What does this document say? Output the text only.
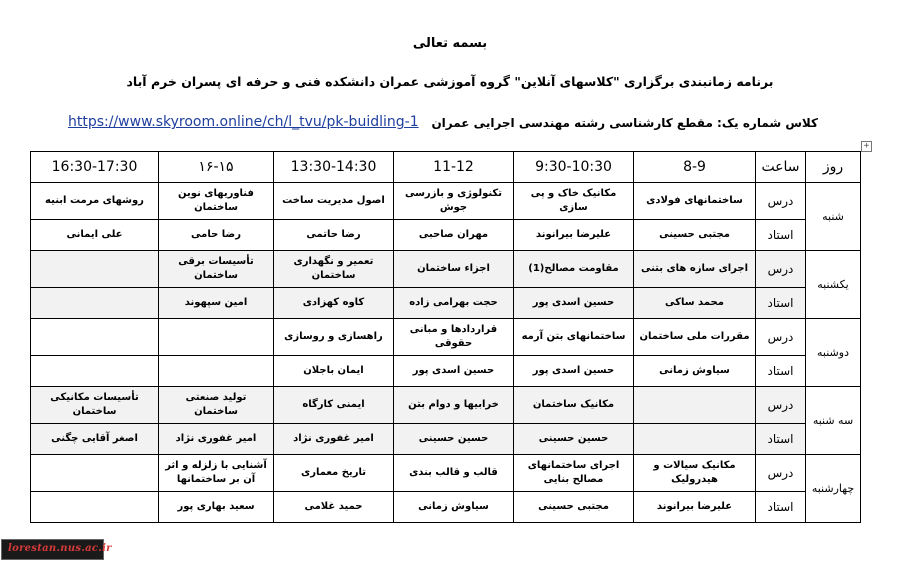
بسمه تعالی
برنامه زمانبندی برگزاری "کلاسهای آنلاین" گروه آموزشی عمران دانشکده فنی و حرفه ای پسران خرم آباد
کلاس شماره یک: مقطع کارشناسی رشته مهندسی اجرایی عمران
https://www.skyroom.online/ch/l_tvu/pk-buidling-1
+
روز	ساعت	8-9	9:30-10:30	11-12	13:30-14:30	۱۶-۱۵	16:30-17:30
شنبه	درس	ساختمانهای فولادی	مکانیک خاک و پی سازی	تکنولوژی و بازرسی جوش	اصول مدیریت ساخت	فناوریهای نوین ساختمان	روشهای مرمت ابنیه
	استاد	مجتبی حسینی	علیرضا بیرانوند	مهران صاحبی	رضا حاتمی	رضا حامی	علی ایمانی
یکشنبه	درس	اجرای سازه های بتنی	مقاومت مصالح(1)	اجزاء ساختمان	تعمیر و نگهداری ساختمان	تأسیسات برقی ساختمان	
	استاد	محمد ساکی	حسین اسدی پور	حجت بهرامی زاده	کاوه کهزادی	امین سپهوند	
دوشنبه	درس	مقررات ملی ساختمان	ساختمانهای بتن آرمه	قراردادها و مبانی حقوقی	راهسازی و روسازی		
	استاد	سیاوش زمانی	حسین اسدی پور	حسین اسدی پور	ایمان باجلان		
سه شنبه	درس		مکانیک ساختمان	خرابیها و دوام بتن	ایمنی کارگاه	تولید صنعتی ساختمان	تأسیسات مکانیکی ساختمان
	استاد		حسین حسینی	حسین حسینی	امیر غفوری نژاد	امیر غفوری نژاد	اصغر آقایی چگنی
چهارشنبه	درس	مکانیک سیالات و هیدرولیک	اجرای ساختمانهای مصالح بنایی	قالب و قالب بندی	تاریخ معماری	آشنایی با زلزله و اثر آن بر ساختمانها	
	استاد	علیرضا بیرانوند	مجتبی حسینی	سیاوش زمانی	حمید غلامی	سعید بهاری پور	
lorestan.nus.ac.ir
